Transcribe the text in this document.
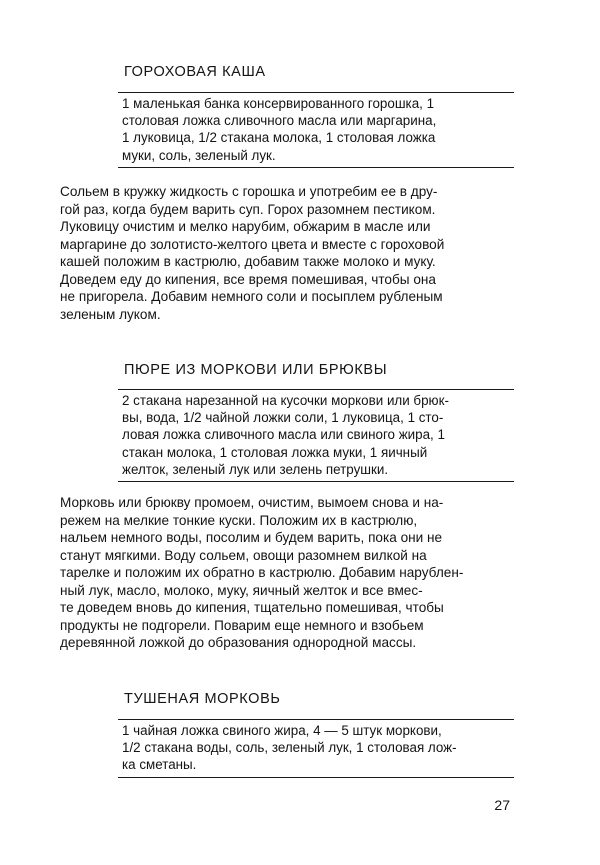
ГОРОХОВАЯ КАША
1 маленькая банка консервированного горошка, 1
столовая ложка сливочного масла или маргарина,
1 луковица, 1/2 стакана молока, 1 столовая ложка
муки, соль, зеленый лук.
Сольем в кружку жидкость с горошка и употребим ее в дру-
гой раз, когда будем варить суп. Горох разомнем пестиком.
Луковицу очистим и мелко нарубим, обжарим в масле или
маргарине до золотисто-желтого цвета и вместе с гороховой
кашей положим в кастрюлю, добавим также молоко и муку.
Доведем еду до кипения, все время помешивая, чтобы она
не пригорела. Добавим немного соли и посыплем рубленым
зеленым луком.
ПЮРЕ ИЗ МОРКОВИ ИЛИ БРЮКВЫ
2 стакана нарезанной на кусочки моркови или брюк-
вы, вода, 1/2 чайной ложки соли, 1 луковица, 1 сто-
ловая ложка сливочного масла или свиного жира, 1
стакан молока, 1 столовая ложка муки, 1 яичный
желток, зеленый лук или зелень петрушки.
Морковь или брюкву промоем, очистим, вымоем снова и на-
режем на мелкие тонкие куски. Положим их в кастрюлю,
нальем немного воды, посолим и будем варить, пока они не
станут мягкими. Воду сольем, овощи разомнем вилкой на
тарелке и положим их обратно в кастрюлю. Добавим нарублен-
ный лук, масло, молоко, муку, яичный желток и все вмес-
те доведем вновь до кипения, тщательно помешивая, чтобы
продукты не подгорели. Поварим еще немного и взобьем
деревянной ложкой до образования однородной массы.
ТУШЕНАЯ МОРКОВЬ
1 чайная ложка свиного жира, 4 — 5 штук моркови,
1/2 стакана воды, соль, зеленый лук, 1 столовая лож-
ка сметаны.
27
